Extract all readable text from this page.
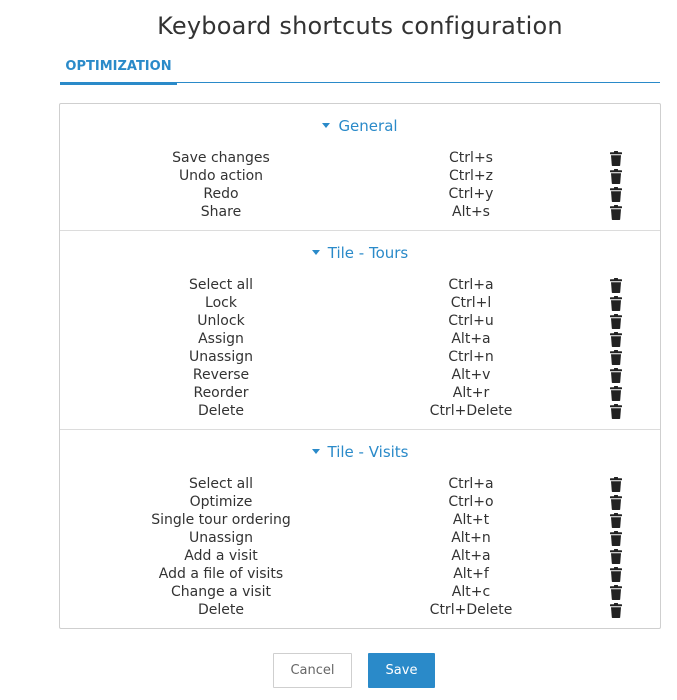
Keyboard shortcuts configuration
OPTIMIZATION
General
Save changes	Ctrl+s
Undo action	Ctrl+z
Redo	Ctrl+y
Share	Alt+s
Tile - Tours
Select all	Ctrl+a
Lock	Ctrl+l
Unlock	Ctrl+u
Assign	Alt+a
Unassign	Ctrl+n
Reverse	Alt+v
Reorder	Alt+r
Delete	Ctrl+Delete
Tile - Visits
Select all	Ctrl+a
Optimize	Ctrl+o
Single tour ordering	Alt+t
Unassign	Alt+n
Add a visit	Alt+a
Add a file of visits	Alt+f
Change a visit	Alt+c
Delete	Ctrl+Delete
Cancel	Save
